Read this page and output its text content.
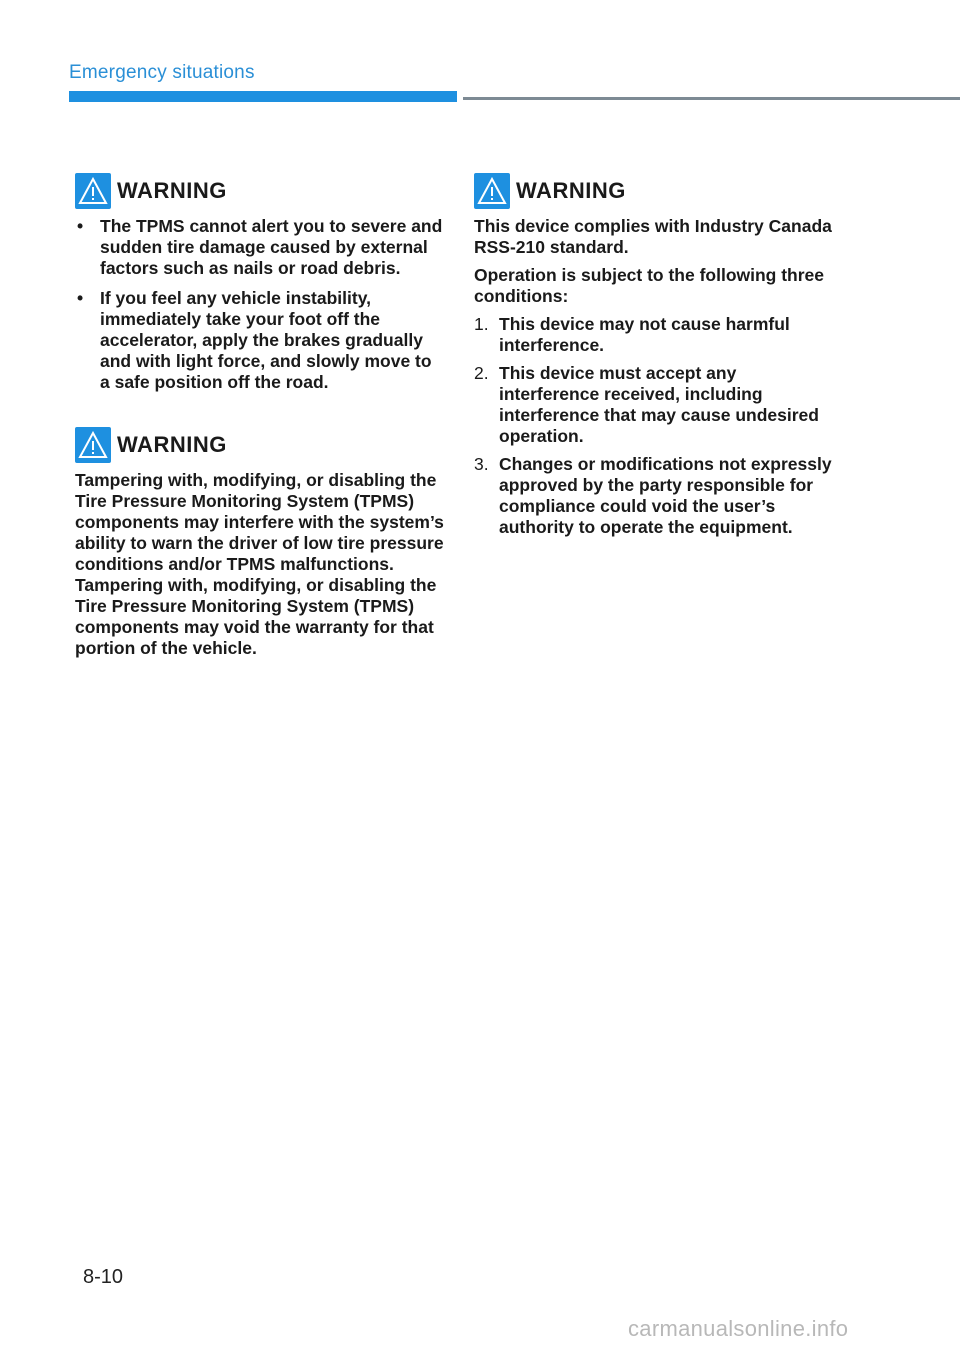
Emergency situations
WARNING
• The TPMS cannot alert you to severe and sudden tire damage caused by external factors such as nails or road debris.
• If you feel any vehicle instability, immediately take your foot off the accelerator, apply the brakes gradually and with light force, and slowly move to a safe position off the road.
WARNING

Tampering with, modifying, or disabling the Tire Pressure Monitoring System (TPMS) components may interfere with the system’s ability to warn the driver of low tire pressure conditions and/or TPMS malfunctions. Tampering with, modifying, or disabling the Tire Pressure Monitoring System (TPMS) components may void the warranty for that portion of the vehicle.

WARNING

This device complies with Industry Canada RSS-210 standard.

Operation is subject to the following three conditions:

1. This device may not cause harmful interference.
2. This device must accept any interference received, including interference that may cause undesired operation.
3. Changes or modifications not expressly approved by the party responsible for compliance could void the user’s authority to operate the equipment.
8-10
carmanualsonline.info
